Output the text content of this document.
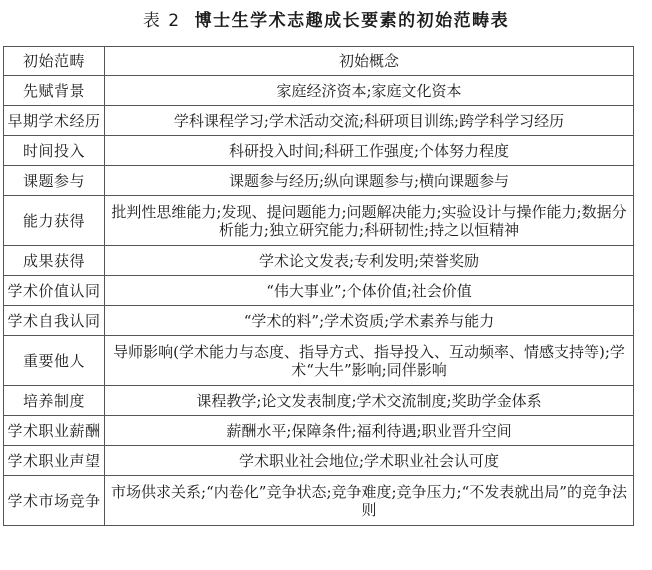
表 2 博士生学术志趣成长要素的初始范畴表
初始范畴	初始概念
先赋背景	家庭经济资本;家庭文化资本
早期学术经历	学科课程学习;学术活动交流;科研项目训练;跨学科学习经历
时间投入	科研投入时间;科研工作强度;个体努力程度
课题参与	课题参与经历;纵向课题参与;横向课题参与
能力获得	批判性思维能力;发现、提问题能力;问题解决能力;实验设计与操作能力;数据分析能力;独立研究能力;科研韧性;持之以恒精神
成果获得	学术论文发表;专利发明;荣誉奖励
学术价值认同	“伟大事业”;个体价值;社会价值
学术自我认同	“学术的料”;学术资质;学术素养与能力
重要他人	导师影响(学术能力与态度、指导方式、指导投入、互动频率、情感支持等);学术“大牛”影响;同伴影响
培养制度	课程教学;论文发表制度;学术交流制度;奖助学金体系
学术职业薪酬	薪酬水平;保障条件;福利待遇;职业晋升空间
学术职业声望	学术职业社会地位;学术职业社会认可度
学术市场竞争	市场供求关系;“内卷化”竞争状态;竞争难度;竞争压力;“不发表就出局”的竞争法则
